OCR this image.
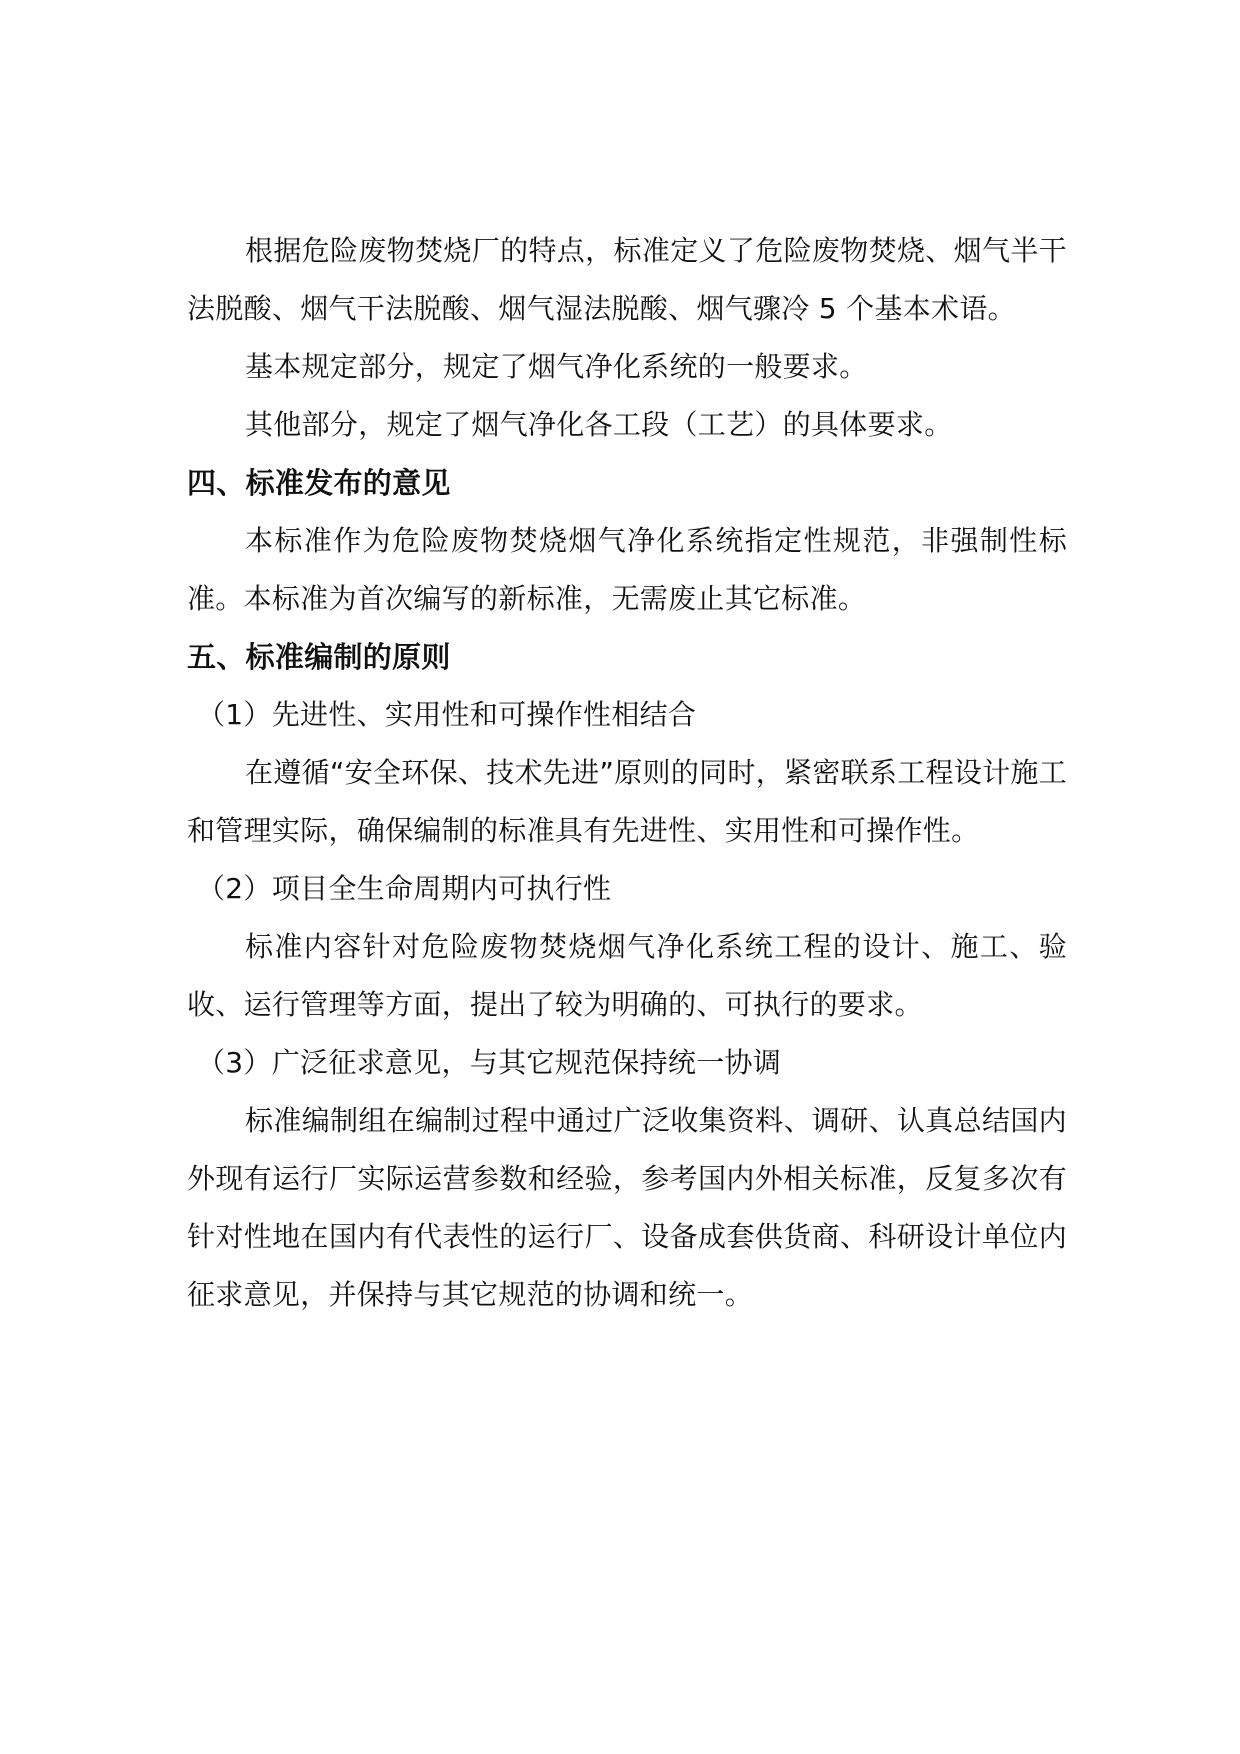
根据危险废物焚烧厂的特点，标准定义了危险废物焚烧、烟气半干法脱酸、烟气干法脱酸、烟气湿法脱酸、烟气骤冷 5 个基本术语。

基本规定部分，规定了烟气净化系统的一般要求。

其他部分，规定了烟气净化各工段（工艺）的具体要求。

四、标准发布的意见

本标准作为危险废物焚烧烟气净化系统指定性规范，非强制性标准。本标准为首次编写的新标准，无需废止其它标准。

五、标准编制的原则

（1）先进性、实用性和可操作性相结合

在遵循“安全环保、技术先进”原则的同时，紧密联系工程设计施工和管理实际，确保编制的标准具有先进性、实用性和可操作性。

（2）项目全生命周期内可执行性

标准内容针对危险废物焚烧烟气净化系统工程的设计、施工、验收、运行管理等方面，提出了较为明确的、可执行的要求。

（3）广泛征求意见，与其它规范保持统一协调

标准编制组在编制过程中通过广泛收集资料、调研、认真总结国内外现有运行厂实际运营参数和经验，参考国内外相关标准，反复多次有针对性地在国内有代表性的运行厂、设备成套供货商、科研设计单位内征求意见，并保持与其它规范的协调和统一。
